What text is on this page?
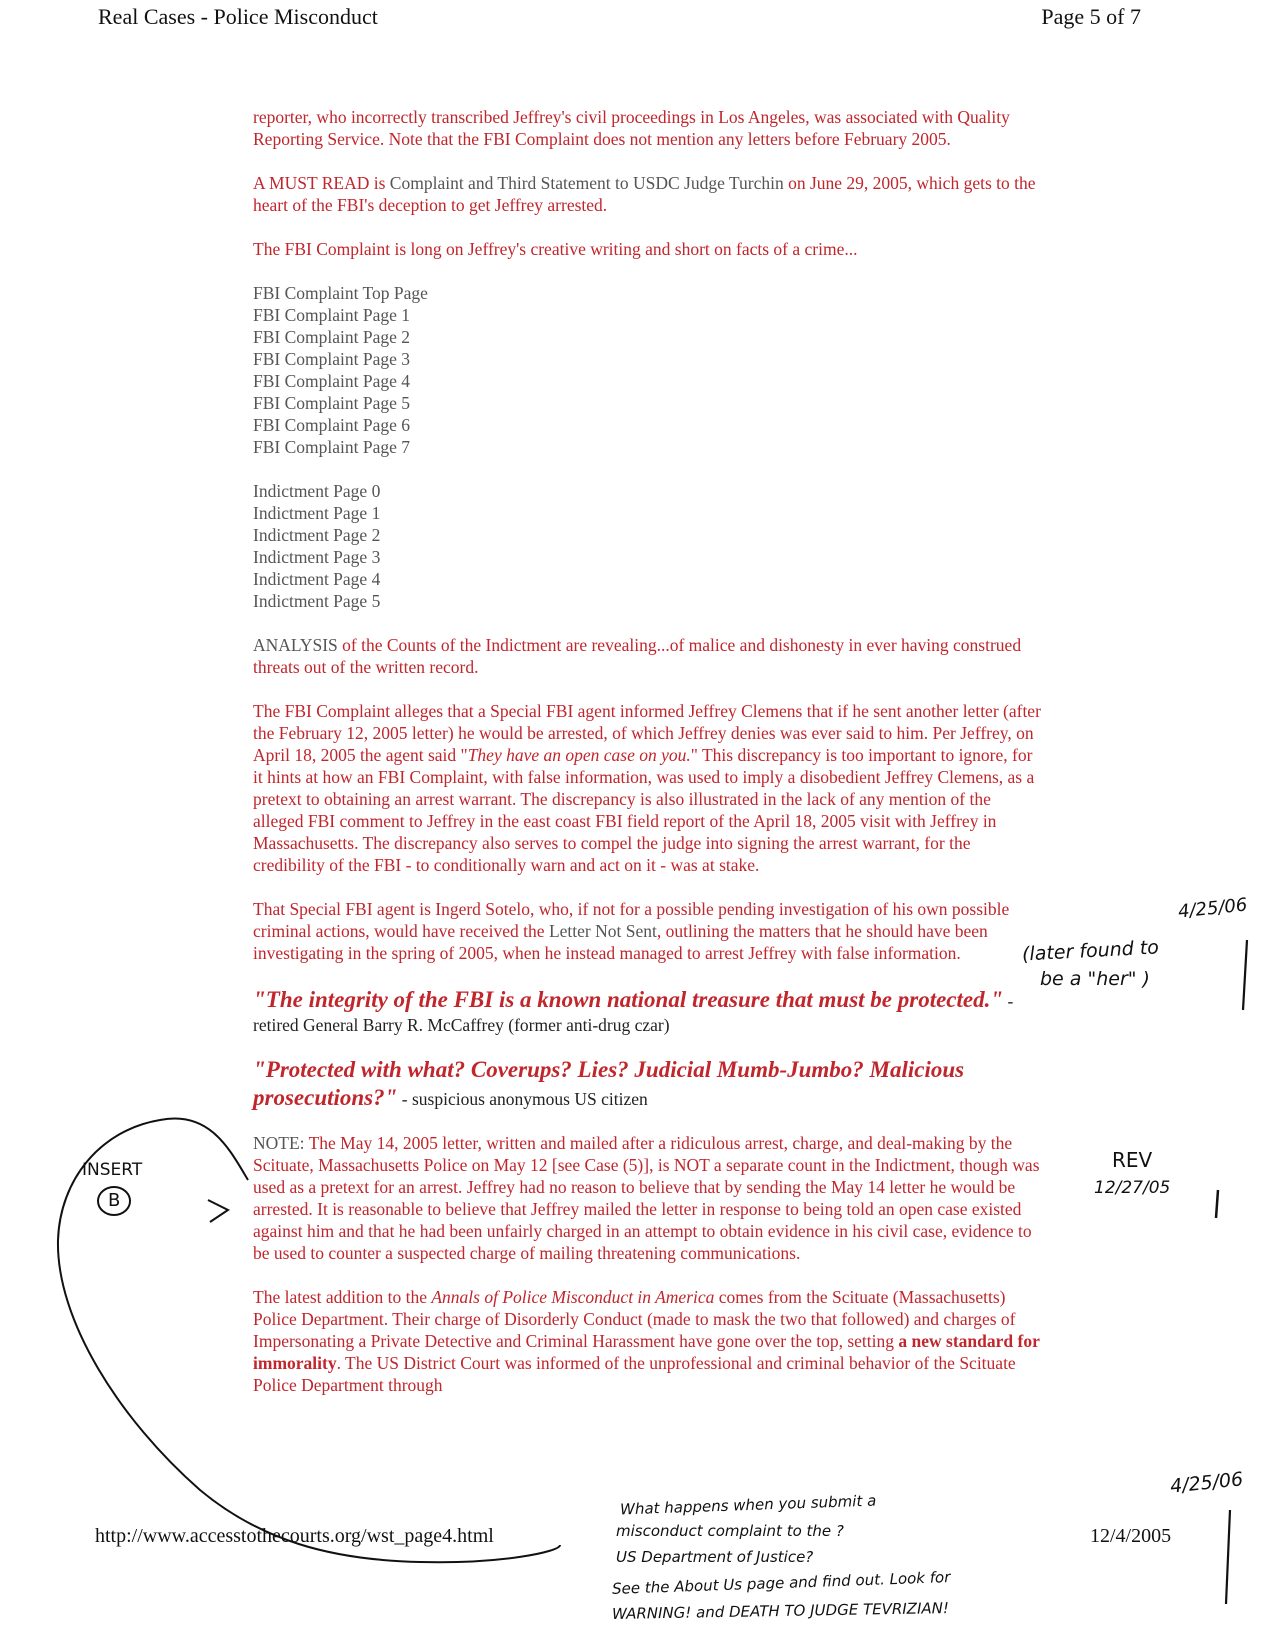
Real Cases - Police Misconduct	Page 5 of 7

reporter, who incorrectly transcribed Jeffrey's civil proceedings in Los Angeles, was associated with Quality Reporting Service. Note that the FBI Complaint does not mention any letters before February 2005.

A MUST READ is Complaint and Third Statement to USDC Judge Turchin on June 29, 2005, which gets to the heart of the FBI's deception to get Jeffrey arrested.

The FBI Complaint is long on Jeffrey's creative writing and short on facts of a crime...

FBI Complaint Top Page
FBI Complaint Page 1
FBI Complaint Page 2
FBI Complaint Page 3
FBI Complaint Page 4
FBI Complaint Page 5
FBI Complaint Page 6
FBI Complaint Page 7
Indictment Page 0
Indictment Page 1
Indictment Page 2
Indictment Page 3
Indictment Page 4
Indictment Page 5

ANALYSIS of the Counts of the Indictment are revealing...of malice and dishonesty in ever having construed threats out of the written record.

The FBI Complaint alleges that a Special FBI agent informed Jeffrey Clemens that if he sent another letter (after the February 12, 2005 letter) he would be arrested, of which Jeffrey denies was ever said to him. Per Jeffrey, on April 18, 2005 the agent said "They have an open case on you." This discrepancy is too important to ignore, for it hints at how an FBI Complaint, with false information, was used to imply a disobedient Jeffrey Clemens, as a pretext to obtaining an arrest warrant. The discrepancy is also illustrated in the lack of any mention of the alleged FBI comment to Jeffrey in the east coast FBI field report of the April 18, 2005 visit with Jeffrey in Massachusetts. The discrepancy also serves to compel the judge into signing the arrest warrant, for the credibility of the FBI - to conditionally warn and act on it - was at stake.

That Special FBI agent is Ingerd Sotelo, who, if not for a possible pending investigation of his own possible criminal actions, would have received the Letter Not Sent, outlining the matters that he should have been investigating in the spring of 2005, when he instead managed to arrest Jeffrey with false information.

"The integrity of the FBI is a known national treasure that must be protected." - retired General Barry R. McCaffrey (former anti-drug czar)
"Protected with what? Coverups? Lies? Judicial Mumb-Jumbo? Malicious prosecutions?" - suspicious anonymous US citizen

NOTE: The May 14, 2005 letter, written and mailed after a ridiculous arrest, charge, and deal-making by the Scituate, Massachusetts Police on May 12 [see Case (5)], is NOT a separate count in the Indictment, though was used as a pretext for an arrest. Jeffrey had no reason to believe that by sending the May 14 letter he would be arrested. It is reasonable to believe that Jeffrey mailed the letter in response to being told an open case existed against him and that he had been unfairly charged in an attempt to obtain evidence in his civil case, evidence to be used to counter a suspected charge of mailing threatening communications.

The latest addition to the Annals of Police Misconduct in America comes from the Scituate (Massachusetts) Police Department. Their charge of Disorderly Conduct (made to mask the two that followed) and charges of Impersonating a Private Detective and Criminal Harassment have gone over the top, setting a new standard for immorality. The US District Court was informed of the unprofessional and criminal behavior of the Scituate Police Department through

http://www.accesstothecourts.org/wst_page4.html	12/4/2005
4/25/06
(later found to
be a "her" )
INSERT
B
REV
12/27/05
4/25/06
What happens when you submit a
misconduct complaint to the ?
US Department of Justice?
See the About Us page and find out. Look for
WARNING! and DEATH TO JUDGE TEVRIZIAN!
